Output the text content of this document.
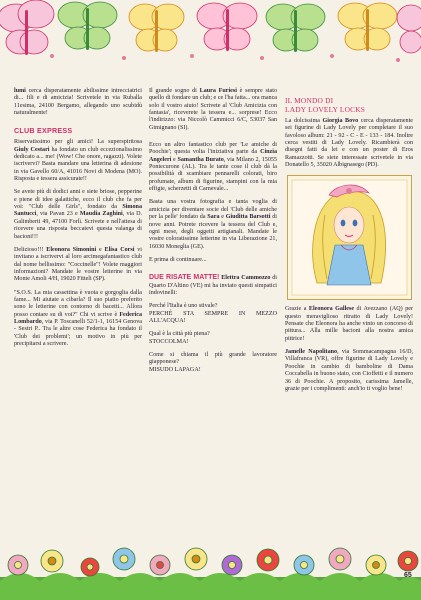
lumi cerca disperatamente abilissime intrecciatrici di... fili e di amicizia! Scrivetele in via Ruballa 11esima, 24100 Bergamo, allegando uno scubidù naturalmente!

CLUB EXPRESS

Riservatissimo per gli amici! La superspiritosa Giuly Cestari ha fondato un club eccezionalissimo dedicato a... me! (Wow! Che onore, ragazzi). Volete iscrivervi? Basta mandare una letterina di adesione in via Gavello 60/A, 41016 Novi di Modena (MO). Risposta e tessera assicurate!!

Se avete più di dodici anni e siete briose, pepperine e piene di idee galattiche, ecco il club che fa per voi: "Club delle Girls", fondato da Simona Santucci, via Pavan 23 e Maudia Zaghini, via D. Galimberti 49, 47100 Forlì. Scrivete e nell'attesa di ricevere una risposta beccatevi questa valanga di bacioni!!!

Delizioso!!! Eleonora Simonini e Elisa Corsi vi invitano a iscrivervi al loro arcimegafantastico club dal nome bellissimo: "Coccinelle"! Volete maggiori informazioni? Mandate le vostre letterine in via Monte Amoli 4/H, 19020 Fitteli (SP).

"S.O.S. La mia cassettina è vuota e gorgoglia dalla fame... Mi aiutate a cibarla? Il suo piatto preferito sono le letterine con contorno di bacetti... Allora posso contare su di voi?" Chi vi scrive è Federica Lombardo, via P. Toscanelli 52/1-1, 16154 Genova - Sestri P.. Tra le altre cose Federica ha fondato il 'Club dei problemi'; un motivo in più per precipitarsi a scrivere.

Il grande sogno di Laura Furiesi è sempre stato quello di fondare un club; e ce l'ha fatta... ora manca solo il vostro aiuto! Scrivete al 'Club Amicizia con fantasia', riceverete la tessera e... sorprese! Ecco l'indirizzo: via Niccolò Cammicci 6/C, 53037 San Gimignano (SI).

Ecco un altro fantastico club per 'Le amiche di Poochie'; questa volta l'iniziativa parte da Cinzia Angeleri e Samantha Burato, via Milano 2, 15055 Pontecurone (AL). Tra le tante cose il club dà la possibilità di scambiare pennarelli colorati, biro profumate, album di figurine, stampini con la mia effigie, scherzetti di Carnevale...

Basta una vostra fotografia e tanta voglia di amicizia per diventare socie del 'Club delle amiche per la pelle' fondato da Sara e Giuditta Barsotti di nove anni. Potrete ricevere la tessera del Club e, ogni mese, degli oggetti artigianali. Mandate le vostre coloratissime letterine in via Liberazione 21, 16030 Moneglia (GE).

E prima di continuare...

DUE RISATE MATTE! Elettra Cammozzo di Quarto D'Altino (VE) mi ha inviato questi simpatici indovinelli:

Perché l'Italia è uno stivale?
PERCHÉ STA SEMPRE IN MEZZO ALL'ACQUA!

Qual è la città più piena?
STOCCOLMA!

Come si chiama il più grande lavoratore giapponese?
MISUDO LAPAGA!

IL MONDO DI
LADY LOVELY LOCKS

La dolcissima Giorgia Bovo cerca disperatamente sei figurine di Lady Lovely per completare il suo favoloso album: 21 - 92 - C - E - 133 - 184. Inoltre cerca vestiti di Lady Lovely. Ricambierà con disegni fatti da lei e con un poster di Eros Ramazzotti. Se siete interessate scrivetele in via Donatello 5, 35020 Albignasego (PD).

Grazie a Eleonora Gallese di Avezzano (AQ) per questo meraviglioso ritratto di Lady Lovely! Pensate che Eleonora ha anche vinto un concorso di pittura... Alla mille bacioni alla nostra amica pittrice!

Jamelle Napolitano, via Sommacampagna 16/D, Villafranca (VR), offre figurine di Lady Lovely e Poochie in cambio di bamboline di Dama Coccabella in buono stato, con Cioffetti e il numero 36 di Poochie. A proposito, carissima Jamelle, grazie per i complimenti: anch'io ti voglio bene!

65
